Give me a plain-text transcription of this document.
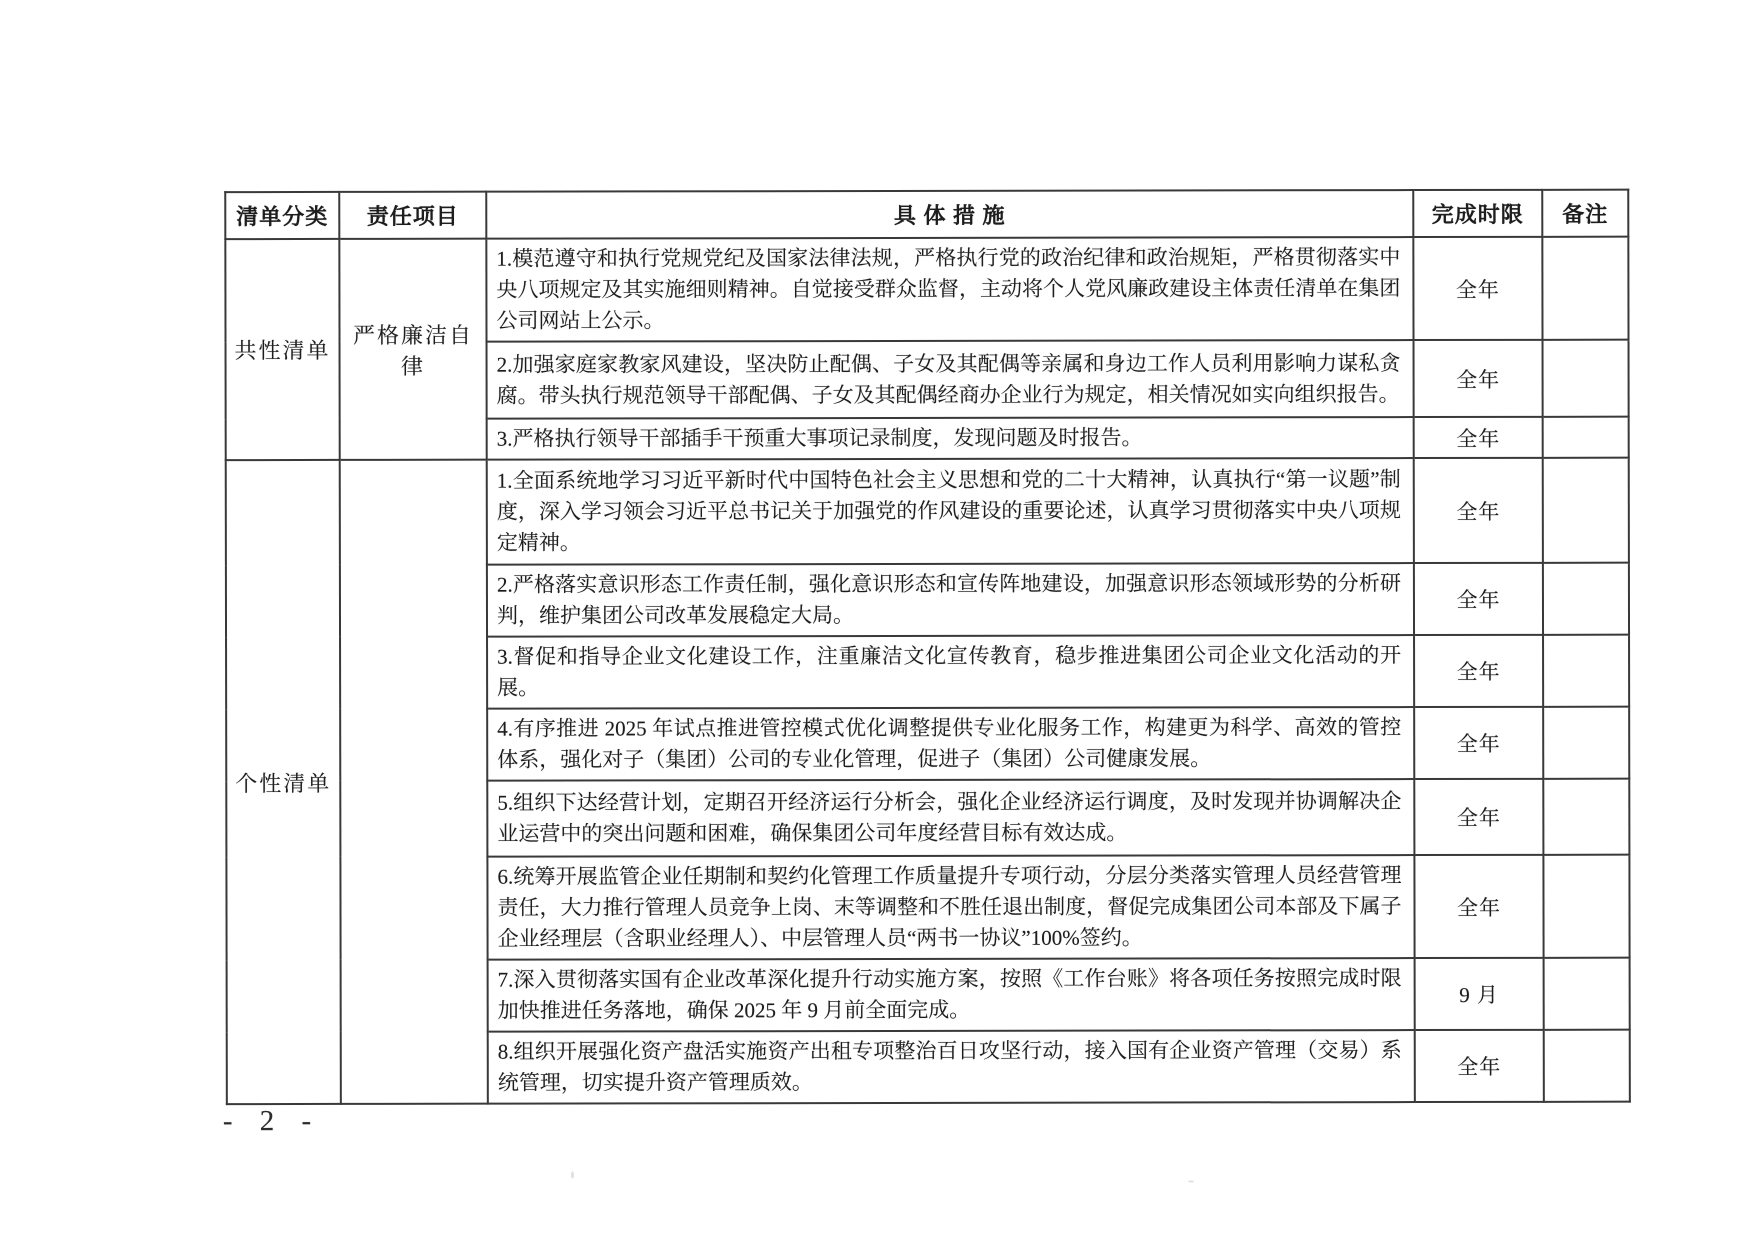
清单分类	责任项目	具 体 措 施	完成时限	备注
共性清单	严格廉洁自律	1.模范遵守和执行党规党纪及国家法律法规，严格执行党的政治纪律和政治规矩，严格贯彻落实中央八项规定及其实施细则精神。自觉接受群众监督，主动将个人党风廉政建设主体责任清单在集团公司网站上公示。	全年	
		2.加强家庭家教家风建设，坚决防止配偶、子女及其配偶等亲属和身边工作人员利用影响力谋私贪腐。带头执行规范领导干部配偶、子女及其配偶经商办企业行为规定，相关情况如实向组织报告。	全年	
		3.严格执行领导干部插手干预重大事项记录制度，发现问题及时报告。	全年	
个性清单		1.全面系统地学习习近平新时代中国特色社会主义思想和党的二十大精神，认真执行“第一议题”制度，深入学习领会习近平总书记关于加强党的作风建设的重要论述，认真学习贯彻落实中央八项规定精神。	全年	
		2.严格落实意识形态工作责任制，强化意识形态和宣传阵地建设，加强意识形态领域形势的分析研判，维护集团公司改革发展稳定大局。	全年	
		3.督促和指导企业文化建设工作，注重廉洁文化宣传教育，稳步推进集团公司企业文化活动的开展。	全年	
		4.有序推进 2025 年试点推进管控模式优化调整提供专业化服务工作，构建更为科学、高效的管控体系，强化对子（集团）公司的专业化管理，促进子（集团）公司健康发展。	全年	
		5.组织下达经营计划，定期召开经济运行分析会，强化企业经济运行调度，及时发现并协调解决企业运营中的突出问题和困难，确保集团公司年度经营目标有效达成。	全年	
		6.统筹开展监管企业任期制和契约化管理工作质量提升专项行动，分层分类落实管理人员经营管理责任，大力推行管理人员竞争上岗、末等调整和不胜任退出制度，督促完成集团公司本部及下属子企业经理层（含职业经理人）、中层管理人员“两书一协议”100%签约。	全年	
		7.深入贯彻落实国有企业改革深化提升行动实施方案，按照《工作台账》将各项任务按照完成时限加快推进任务落地，确保 2025 年 9 月前全面完成。	9 月	
		8.组织开展强化资产盘活实施资产出租专项整治百日攻坚行动，接入国有企业资产管理（交易）系统管理，切实提升资产管理质效。	全年	
- 2 -
